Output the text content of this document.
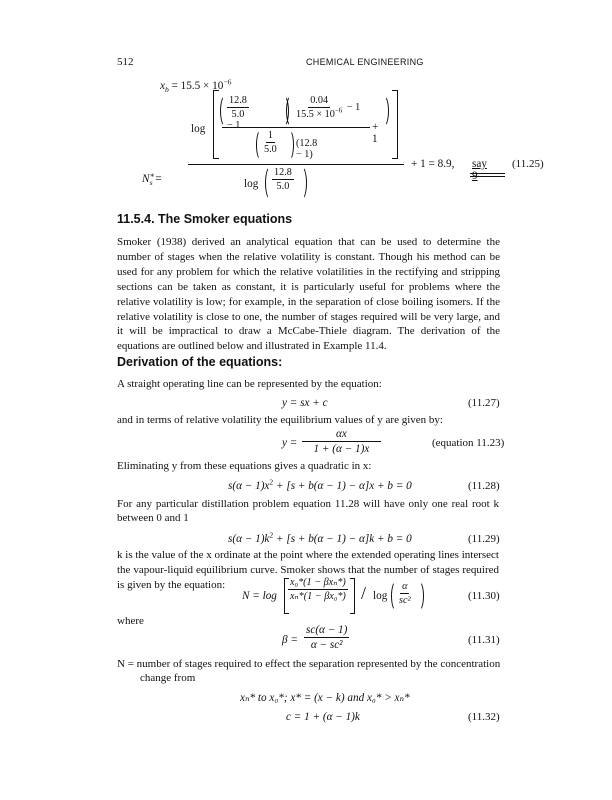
512	CHEMICAL ENGINEERING
$x_b = 15.5 \times 10^{-6}$
$N^∗_s$ =
log
$\frac{12.8}{5.0}$
− 1
$\frac{0.04}{15.5 \times 10^{-6}} - 1$
+ 1
$\frac{1}{5.0} (12.8 - 1)$
$\log \frac{12.8}{5.0}$
+ 1 = 8.9, say 9
(11.25)
11.5.4. The Smoker equations
Smoker (1938) derived an analytical equation that can be used to determine the number of stages when the relative volatility is constant. Though his method can be used for any problem for which the relative volatilities in the rectifying and stripping sections can be taken as constant, it is particularly useful for problems where the relative volatility is low; for example, in the separation of close boiling isomers. If the relative volatility is close to one, the number of stages required will be very large, and it will be impractical to draw a McCabe-Thiele diagram. The derivation of the equations are outlined below and illustrated in Example 11.4.
Derivation of the equations:
A straight operating line can be represented by the equation:
y = sx + c	(11.27)
and in terms of relative volatility the equilibrium values of y are given by:
$y = \frac{\alpha x}{1 + (\alpha - 1)x}$	(equation 11.23)
Eliminating y from these equations gives a quadratic in x:
$s(\alpha - 1)x^2 + [s + b(\alpha - 1) - \alpha]x + b = 0$	(11.28)
For any particular distillation problem equation 11.28 will have only one real root k
between 0 and 1
$s(\alpha - 1)k^2 + [s + b(\alpha - 1) - \alpha]k + b = 0$	(11.29)
k is the value of the x ordinate at the point where the extended operating lines intersect the vapour-liquid equilibrium curve. Smoker shows that the number of stages required is given by the equation:
$N = \log \frac{\text{x₀*(1 − βxₙ*)}}{\text{xₙ*(1 − βx₀*)}} / \log \frac{\alpha}{\text{sc²}}$	(11.30)
where
$\beta = \frac{sc(\alpha - 1)}{\text{α − sc²}}$	(11.31)
N = number of stages required to effect the separation represented by the concentration
change from
xₙ* to x₀*; x* = (x − k) and x₀* > xₙ*
c = 1 + (α − 1)k	(11.32)
